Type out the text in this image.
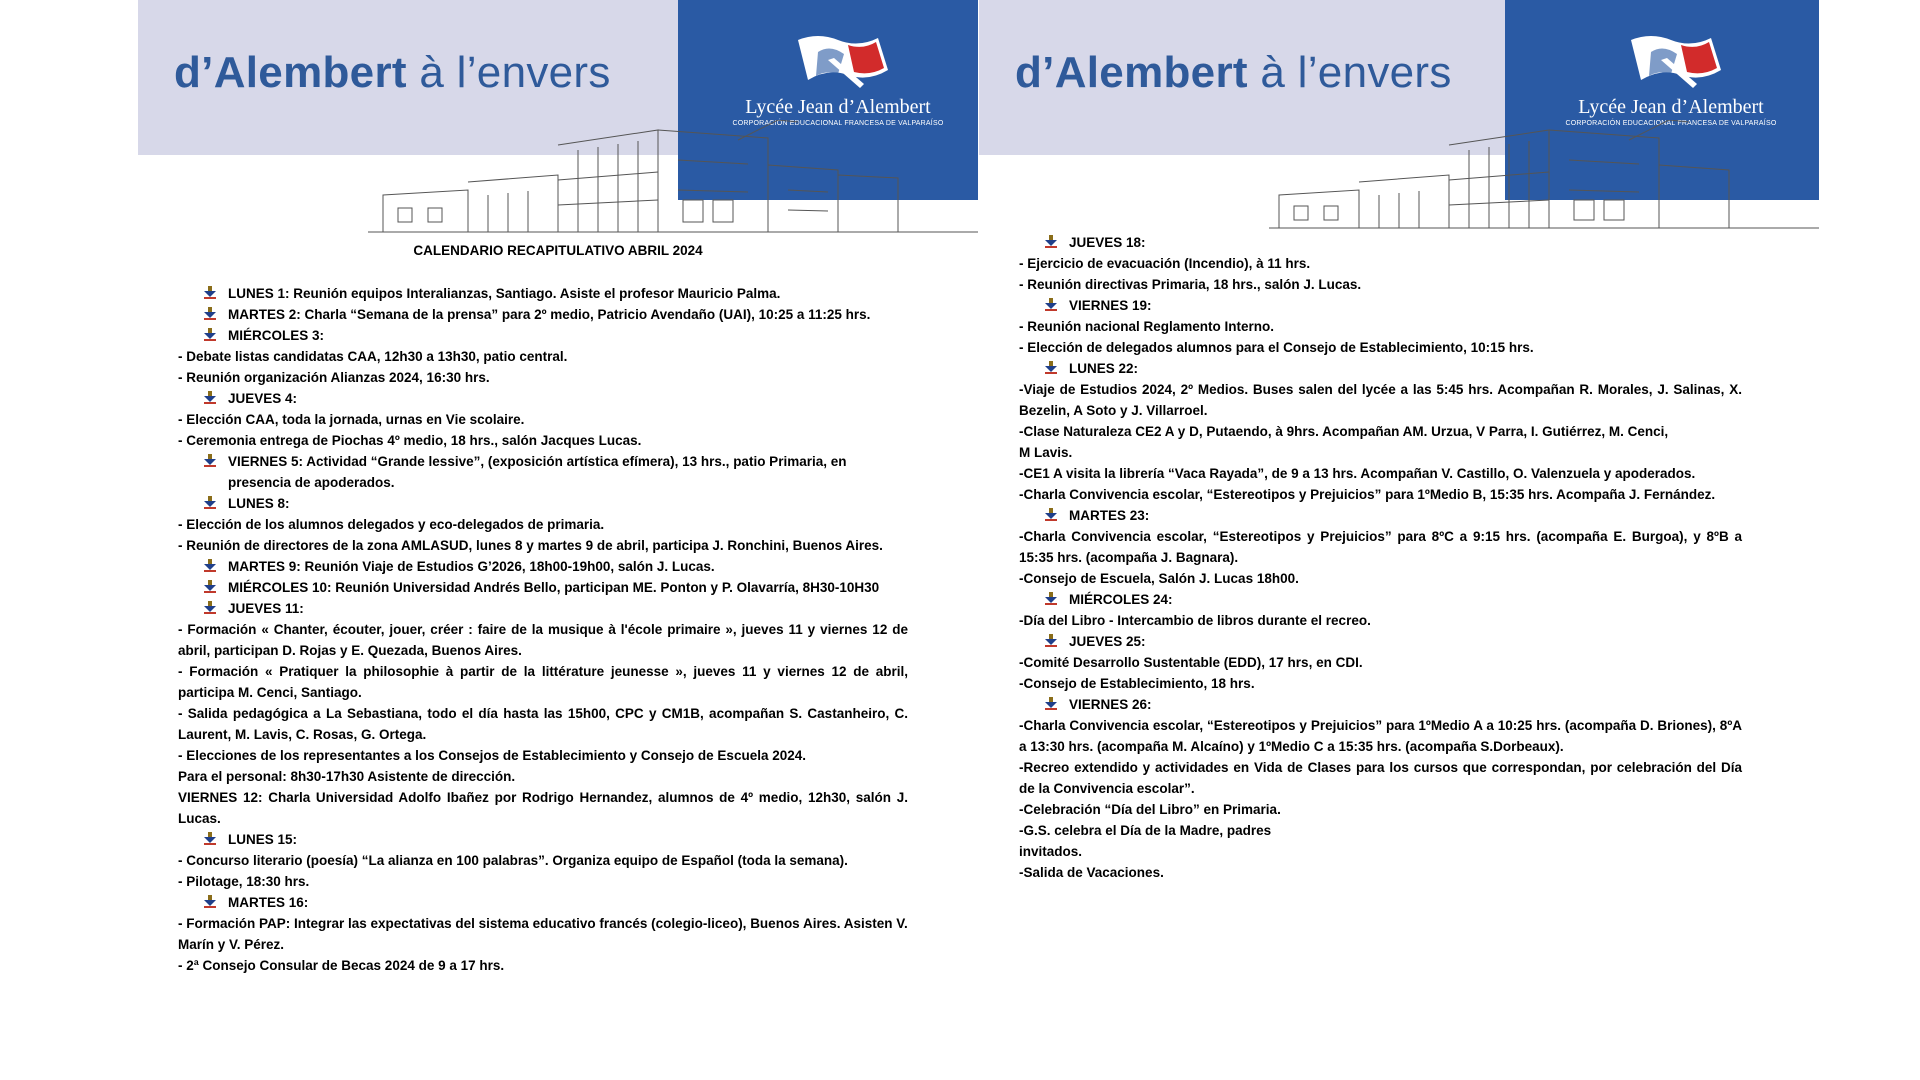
d’Alembert à l’envers
Lycée Jean d’Alembert
CORPORACIÓN EDUCACIONAL FRANCESA DE VALPARAÍSO
CALENDARIO RECAPITULATIVO ABRIL 2024
LUNES 1: Reunión equipos Interalianzas, Santiago. Asiste el profesor Mauricio Palma.
MARTES 2: Charla “Semana de la prensa” para 2º medio, Patricio Avendaño (UAI), 10:25 a 11:25 hrs.
MIÉRCOLES 3:
- Debate listas candidatas CAA, 12h30 a 13h30, patio central.
- Reunión organización Alianzas 2024, 16:30 hrs.
JUEVES 4:
- Elección CAA, toda la jornada, urnas en Vie scolaire.
- Ceremonia entrega de Piochas 4º medio, 18 hrs., salón Jacques Lucas.
VIERNES 5: Actividad “Grande lessive”, (exposición artística efímera), 13 hrs., patio Primaria, en presencia de apoderados.
LUNES 8:
- Elección de los alumnos delegados y eco-delegados de primaria.
- Reunión de directores de la zona AMLASUD, lunes 8 y martes 9 de abril, participa J. Ronchini, Buenos Aires.
MARTES 9: Reunión Viaje de Estudios G’2026, 18h00-19h00, salón J. Lucas.
MIÉRCOLES 10: Reunión Universidad Andrés Bello, participan ME. Ponton y P. Olavarría, 8H30-10H30
JUEVES 11:
- Formación « Chanter, écouter, jouer, créer : faire de la musique à l'école primaire », jueves 11 y viernes 12 de abril, participan D. Rojas y E. Quezada, Buenos Aires.
- Formación « Pratiquer la philosophie à partir de la littérature jeunesse », jueves 11 y viernes 12 de abril, participa M. Cenci, Santiago.
- Salida pedagógica a La Sebastiana, todo el día hasta las 15h00, CPC y CM1B, acompañan S. Castanheiro, C. Laurent, M. Lavis, C. Rosas, G. Ortega.
- Elecciones de los representantes a los Consejos de Establecimiento y Consejo de Escuela 2024.
Para el personal: 8h30-17h30 Asistente de dirección.
VIERNES 12: Charla Universidad Adolfo Ibañez por Rodrigo Hernandez, alumnos de 4º medio, 12h30, salón J. Lucas.
LUNES 15:
- Concurso literario (poesía) “La alianza en 100 palabras”. Organiza equipo de Español (toda la semana).
- Pilotage, 18:30 hrs.
MARTES 16:
- Formación PAP: Integrar las expectativas del sistema educativo francés (colegio-liceo), Buenos Aires. Asisten V. Marín y V. Pérez.
- 2ª Consejo Consular de Becas 2024 de 9 a 17 hrs.
d’Alembert à l’envers
Lycée Jean d’Alembert
CORPORACIÓN EDUCACIONAL FRANCESA DE VALPARAÍSO
JUEVES 18:
- Ejercicio de evacuación (Incendio), à 11 hrs.
- Reunión directivas Primaria, 18 hrs., salón J. Lucas.
VIERNES 19:
- Reunión nacional Reglamento Interno.
- Elección de delegados alumnos para el Consejo de Establecimiento, 10:15 hrs.
LUNES 22:
-Viaje de Estudios 2024, 2º Medios. Buses salen del lycée a las 5:45 hrs. Acompañan R. Morales, J. Salinas, X. Bezelin, A Soto y J. Villarroel.
-Clase Naturaleza CE2 A y D, Putaendo, à 9hrs. Acompañan AM. Urzua, V Parra, I. Gutiérrez, M. Cenci, M Lavis.
-CE1 A visita la librería “Vaca Rayada”, de 9 a 13 hrs. Acompañan V. Castillo, O. Valenzuela y apoderados.
-Charla Convivencia escolar, “Estereotipos y Prejuicios” para 1ºMedio B, 15:35 hrs. Acompaña J. Fernández.
MARTES 23:
-Charla Convivencia escolar, “Estereotipos y Prejuicios” para 8ºC a 9:15 hrs. (acompaña E. Burgoa), y 8ºB a 15:35 hrs. (acompaña J. Bagnara).
-Consejo de Escuela, Salón J. Lucas 18h00.
MIÉRCOLES 24:
-Día del Libro - Intercambio de libros durante el recreo.
JUEVES 25:
-Comité Desarrollo Sustentable (EDD), 17 hrs, en CDI.
-Consejo de Establecimiento, 18 hrs.
VIERNES 26:
-Charla Convivencia escolar, “Estereotipos y Prejuicios” para 1ºMedio A a 10:25 hrs. (acompaña D. Briones), 8ºA a 13:30 hrs. (acompaña M. Alcaíno) y 1ºMedio C a 15:35 hrs. (acompaña S.Dorbeaux).
-Recreo extendido y actividades en Vida de Clases para los cursos que correspondan, por celebración del Día de la Convivencia escolar”.
-Celebración “Día del Libro” en Primaria.
-G.S. celebra el Día de la Madre, padres invitados.
-Salida de Vacaciones.
